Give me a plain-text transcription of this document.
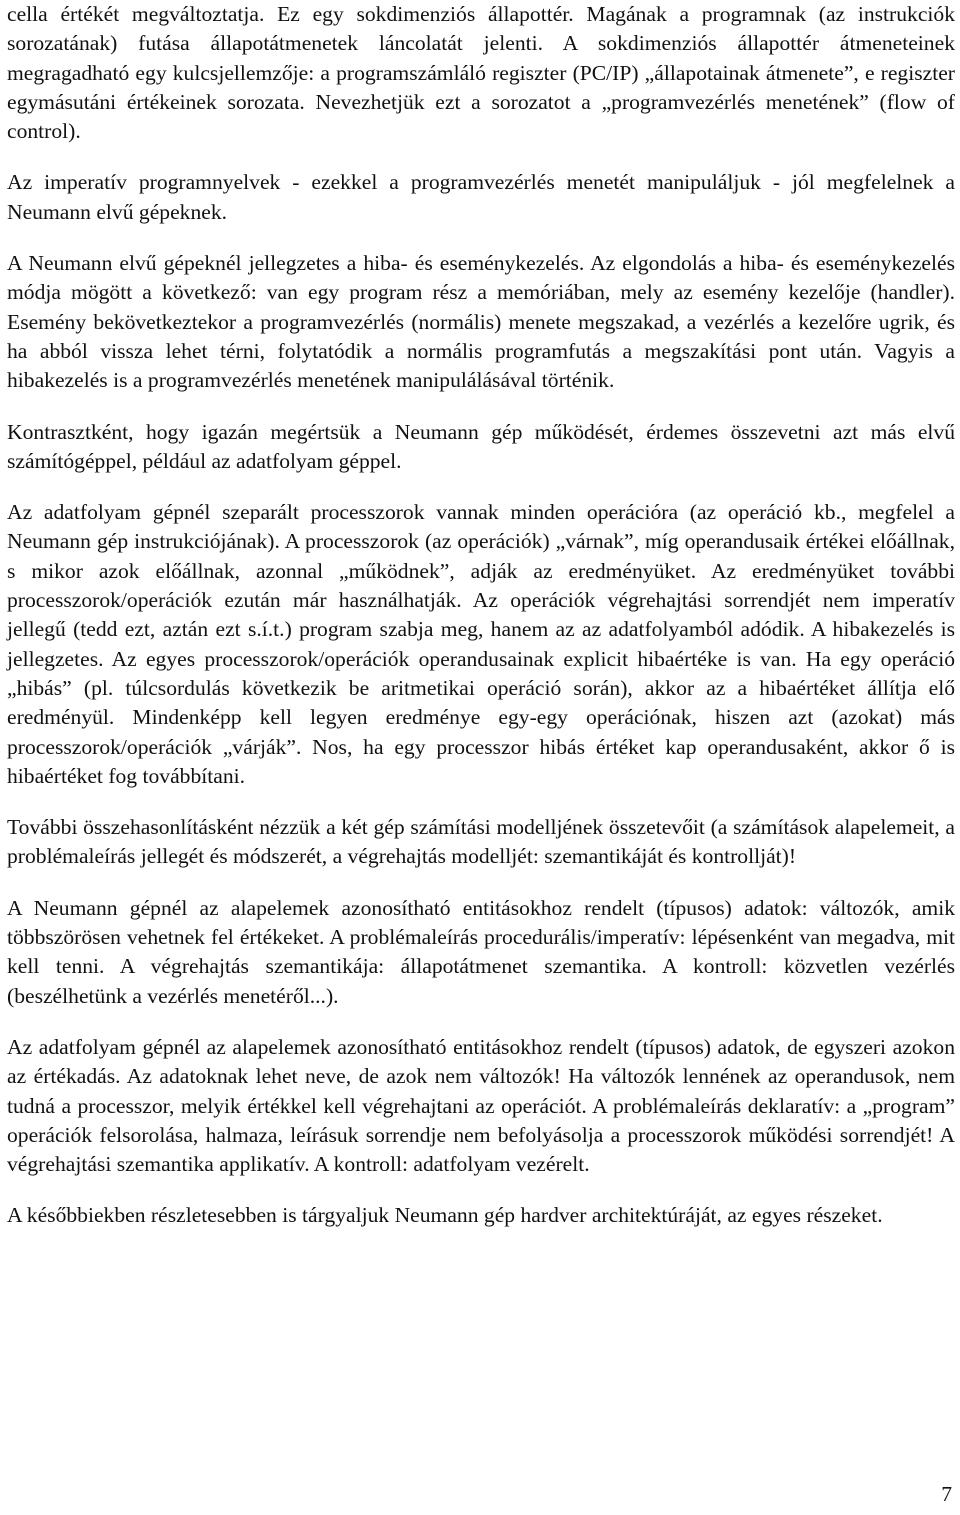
cella értékét megváltoztatja. Ez egy sokdimenziós állapottér. Magának a programnak (az instrukciók sorozatának) futása állapotátmenetek láncolatát jelenti. A sokdimenziós állapottér átmeneteinek megragadható egy kulcsjellemzője: a programszámláló regiszter (PC/IP) „állapotainak átmenete”, e regiszter egymásutáni értékeinek sorozata. Nevezhetjük ezt a sorozatot a „programvezérlés menetének” (flow of control).

Az imperatív programnyelvek - ezekkel a programvezérlés menetét manipuláljuk - jól megfelelnek a Neumann elvű gépeknek.

A Neumann elvű gépeknél jellegzetes a hiba- és eseménykezelés. Az elgondolás a hiba- és eseménykezelés módja mögött a következő: van egy program rész a memóriában, mely az esemény kezelője (handler). Esemény bekövetkeztekor a programvezérlés (normális) menete megszakad, a vezérlés a kezelőre ugrik, és ha abból vissza lehet térni, folytatódik a normális programfutás a megszakítási pont után. Vagyis a hibakezelés is a programvezérlés menetének manipulálásával történik.

Kontrasztként, hogy igazán megértsük a Neumann gép működését, érdemes összevetni azt más elvű számítógéppel, például az adatfolyam géppel.

Az adatfolyam gépnél szeparált processzorok vannak minden operációra (az operáció kb., megfelel a Neumann gép instrukciójának). A processzorok (az operációk) „várnak”, míg operandusaik értékei előállnak, s mikor azok előállnak, azonnal „működnek”, adják az eredményüket. Az eredményüket további processzorok/operációk ezután már használhatják. Az operációk végrehajtási sorrendjét nem imperatív jellegű (tedd ezt, aztán ezt s.í.t.) program szabja meg, hanem az az adatfolyamból adódik. A hibakezelés is jellegzetes. Az egyes processzorok/operációk operandusainak explicit hibaértéke is van. Ha egy operáció „hibás” (pl. túlcsordulás következik be aritmetikai operáció során), akkor az a hibaértéket állítja elő eredményül. Mindenképp kell legyen eredménye egy-egy operációnak, hiszen azt (azokat) más processzorok/operációk „várják”. Nos, ha egy processzor hibás értéket kap operandusaként, akkor ő is hibaértéket fog továbbítani.

További összehasonlításként nézzük a két gép számítási modelljének összetevőit (a számítások alapelemeit, a problémaleírás jellegét és módszerét, a végrehajtás modelljét: szemantikáját és kontrollját)!

A Neumann gépnél az alapelemek azonosítható entitásokhoz rendelt (típusos) adatok: változók, amik többszörösen vehetnek fel értékeket. A problémaleírás procedurális/imperatív: lépésenként van megadva, mit kell tenni. A végrehajtás szemantikája: állapotátmenet szemantika. A kontroll: közvetlen vezérlés (beszélhetünk a vezérlés menetéről...).

Az adatfolyam gépnél az alapelemek azonosítható entitásokhoz rendelt (típusos) adatok, de egyszeri azokon az értékadás. Az adatoknak lehet neve, de azok nem változók! Ha változók lennének az operandusok, nem tudná a processzor, melyik értékkel kell végrehajtani az operációt. A problémaleírás deklaratív: a „program” operációk felsorolása, halmaza, leírásuk sorrendje nem befolyásolja a processzorok működési sorrendjét! A végrehajtási szemantika applikatív. A kontroll: adatfolyam vezérelt.

A későbbiekben részletesebben is tárgyaljuk Neumann gép hardver architektúráját, az egyes részeket.

7
